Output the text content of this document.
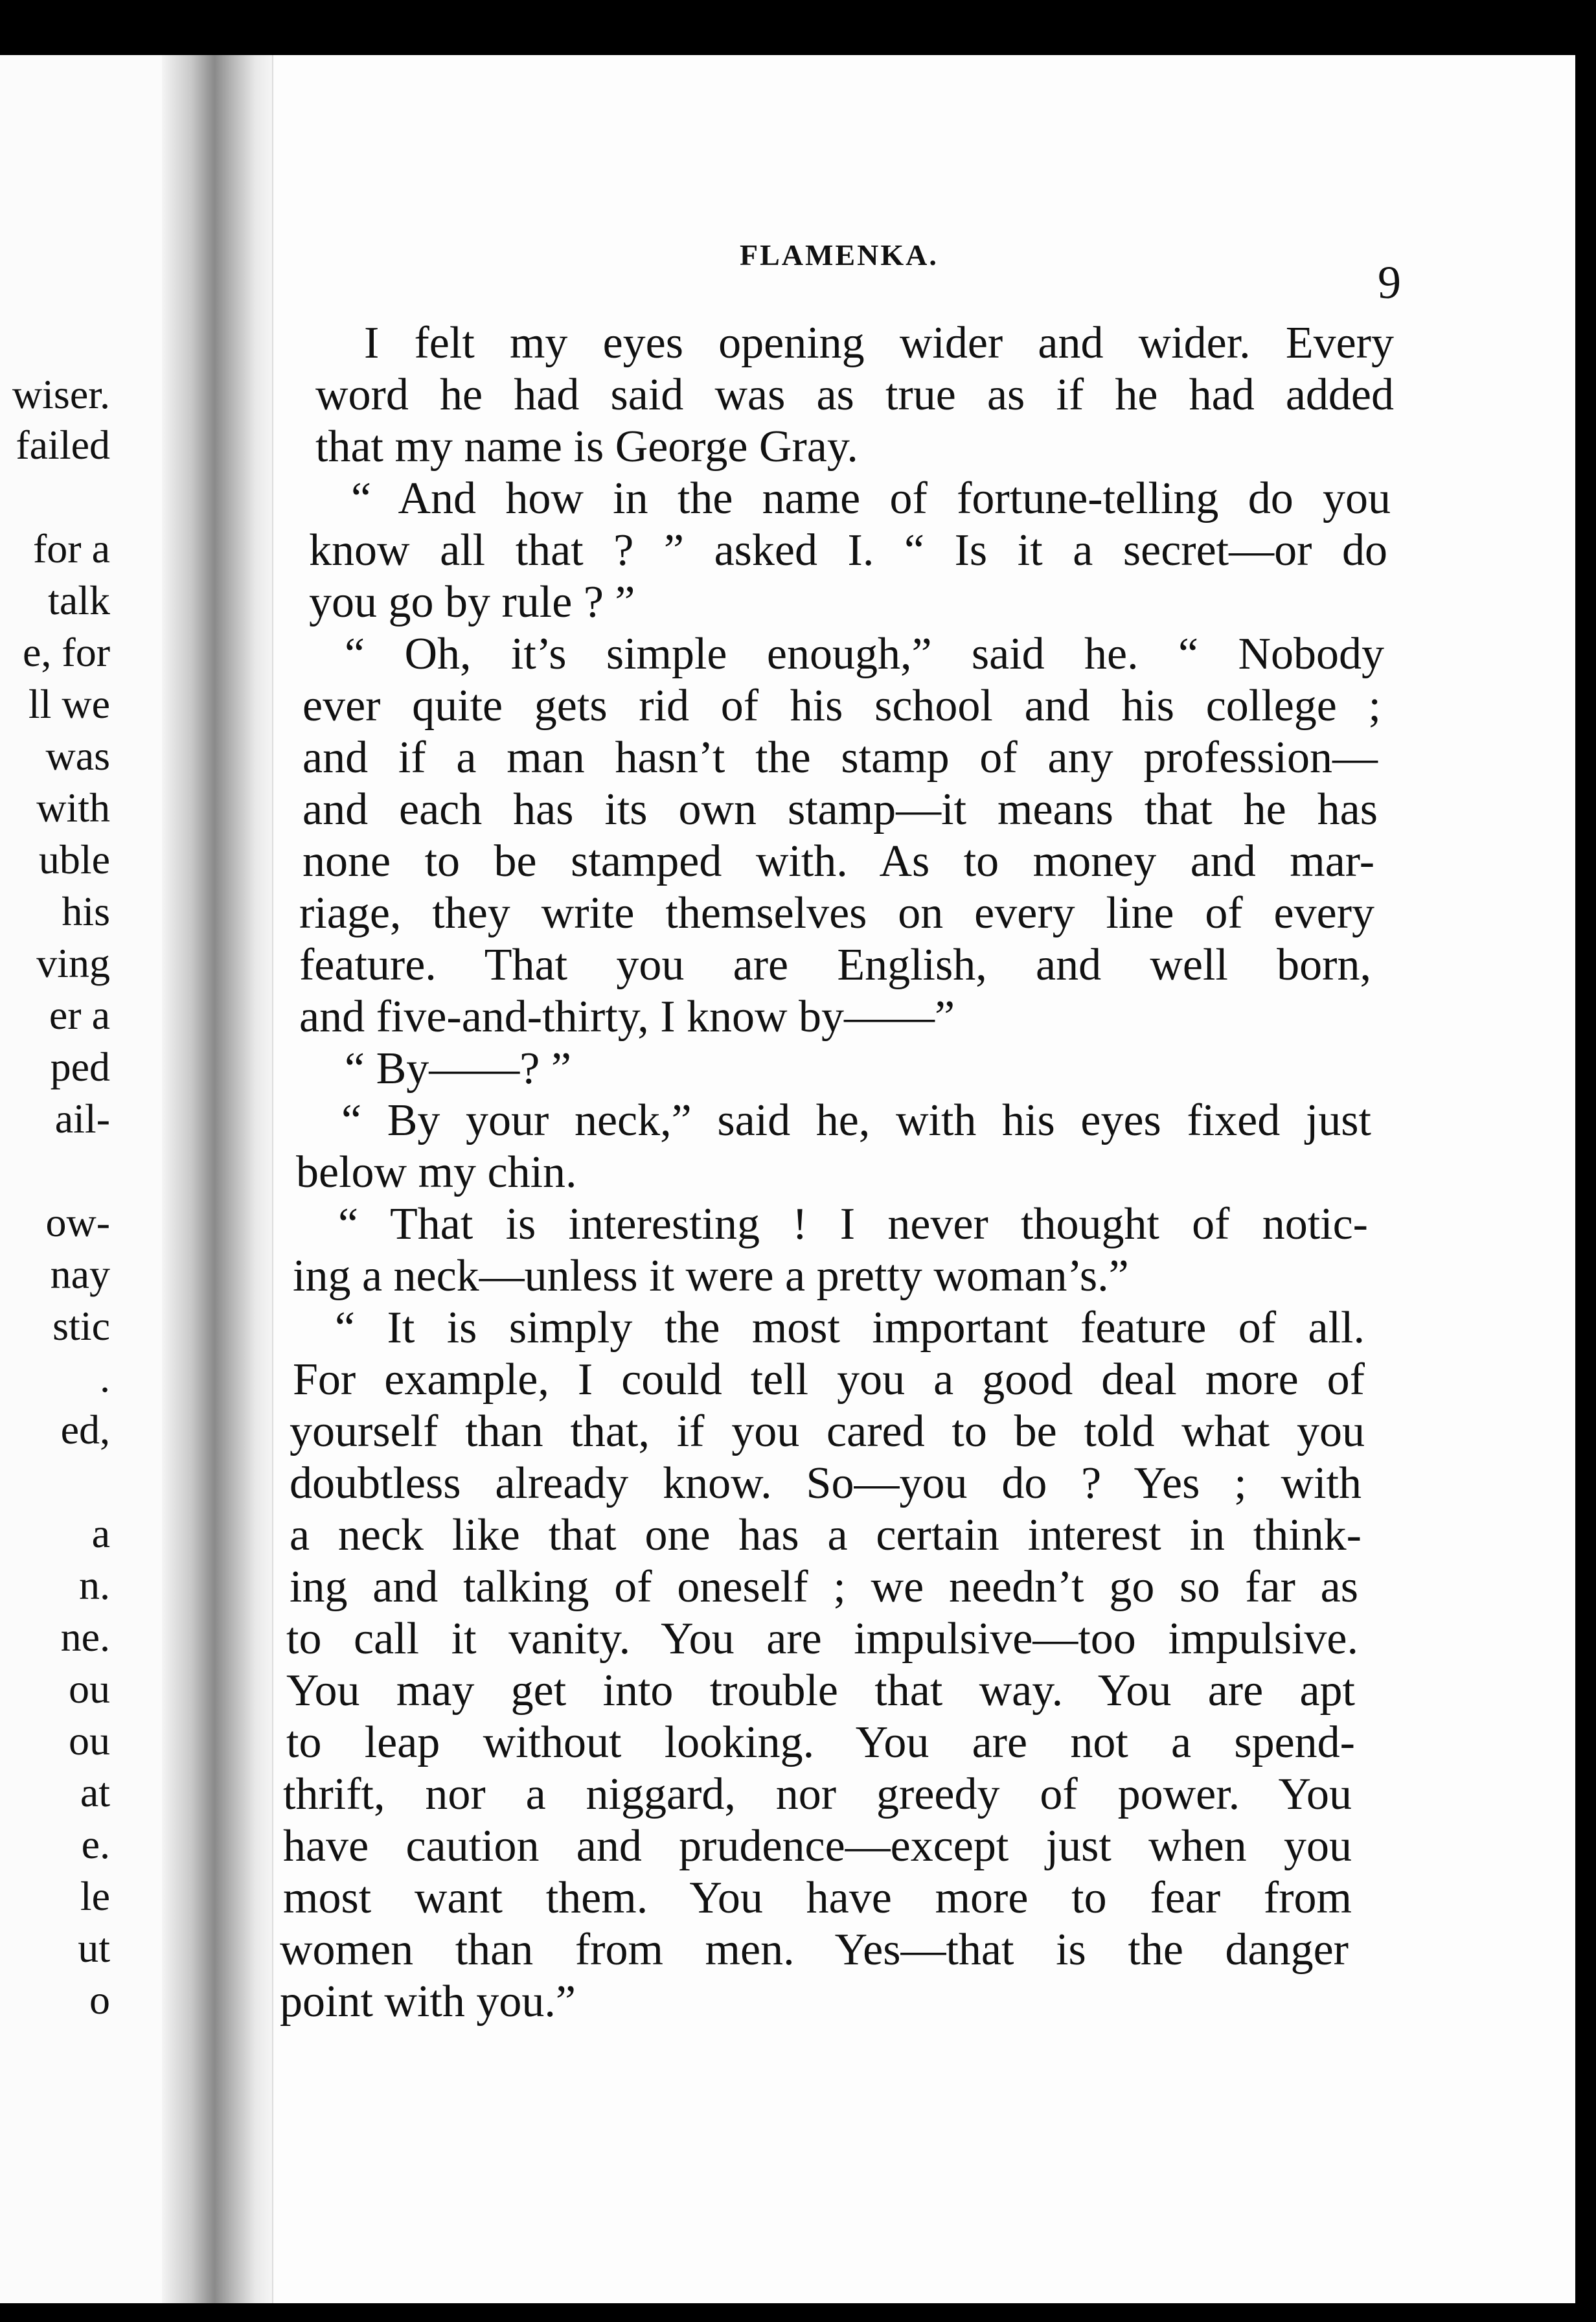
wiser.
failed
for a
talk
e, for
ll we
was
with
uble
his
ving
er a
ped
ail-
ow-
nay
stic
.
ed,
a
n.
ne.
ou
ou
at
e.
le
ut
o
FLAMENKA.
9
I felt my eyes opening wider and wider. Every
word he had said was as true as if he had added
that my name is George Gray.
“ And how in the name of fortune-telling do you
know all that ? ” asked I. “ Is it a secret—or do
you go by rule ? ”
“ Oh, it’s simple enough,” said he. “ Nobody
ever quite gets rid of his school and his college ;
and if a man hasn’t the stamp of any profession—
and each has its own stamp—it means that he has
none to be stamped with. As to money and mar-
riage, they write themselves on every line of every
feature. That you are English, and well born,
and five-and-thirty, I know by——”
“ By——? ”
“ By your neck,” said he, with his eyes fixed just
below my chin.
“ That is interesting ! I never thought of notic-
ing a neck—unless it were a pretty woman’s.”
“ It is simply the most important feature of all.
For example, I could tell you a good deal more of
yourself than that, if you cared to be told what you
doubtless already know. So—you do ? Yes ; with
a neck like that one has a certain interest in think-
ing and talking of oneself ; we needn’t go so far as
to call it vanity. You are impulsive—too impulsive.
You may get into trouble that way. You are apt
to leap without looking. You are not a spend-
thrift, nor a niggard, nor greedy of power. You
have caution and prudence—except just when you
most want them. You have more to fear from
women than from men. Yes—that is the danger
point with you.”
